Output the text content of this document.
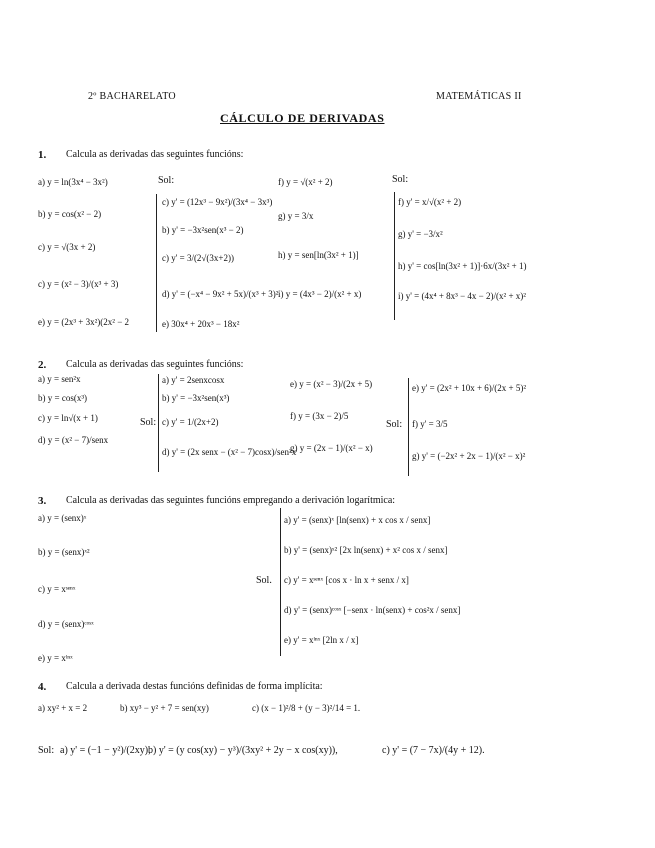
2º BACHARELATO	MATEMÁTICAS II
CÁLCULO DE DERIVADAS
1. Calcula as derivadas das seguintes funcións:
a) y = ln(3x⁴ − 3x²)
b) y = cos(x² − 2)
c) y = √(3x + 2)
c) y = (x² − 3)/(x³ + 3)
e) y = (2x³ + 3x²)(2x² − 2
Sol:
c) y' = (12x³ − 9x²)/(3x⁴ − 3x³)
b) y' = −3x²sen(x³ − 2)
c) y' = 3/(2√(3x+2))
d) y' = (−x⁴ − 9x² + 5x)/(x³ + 3)²
e) 30x⁴ + 20x³ − 18x²
f) y = √(x² + 2)
g) y = 3/x
h) y = sen[ln(3x² + 1)]
i) y = (4x³ − 2)/(x² + x)
Sol:
f) y' = x/√(x² + 2)
g) y' = −3/x²
h) y' = cos[ln(3x² + 1)]·6x/(3x² + 1)
i) y' = (4x⁴ + 8x³ − 4x − 2)/(x² + x)²
2. Calcula as derivadas das seguintes funcións:
a) y = sen²x
b) y = cos(x³)
c) y = ln√(x + 1)
d) y = (x² − 7)/senx
Sol:
a) y' = 2senxcosx
b) y' = −3x²sen(x³)
c) y' = 1/(2x+2)
d) y' = (2x senx − (x² − 7)cosx)/sen²x
e) y = (x² − 3)/(2x + 5)
f) y = (3x − 2)/5
g) y = (2x − 1)/(x² − x)
Sol:
e) y' = (2x² + 10x + 6)/(2x + 5)²
f) y' = 3/5
g) y' = (−2x² + 2x − 1)/(x² − x)²
3. Calcula as derivadas das seguintes funcións empregando a derivación logarítmica:
a) y = (senx)ˣ
b) y = (senx)ˣ²
c) y = xˢᵉⁿˣ
d) y = (senx)ᶜᵒˢˣ
e) y = xˡⁿˣ
Sol.
a) y' = (senx)ˣ [ln(senx) + x cos x / senx]
b) y' = (senx)ˣ² [2x ln(senx) + x² cos x / senx]
c) y' = xˢᵉⁿˣ [cos x · ln x + senx / x]
d) y' = (senx)ᶜᵒˢˣ [−senx · ln(senx) + cos²x / senx]
e) y' = xˡⁿˣ [2ln x / x]
4. Calcula a derivada destas funcións definidas de forma implícita:
a) xy² + x = 2	b) xy³ − y² + 7 = sen(xy)	c) (x − 1)²/8 + (y − 3)²/14 = 1.
Sol: a) y' = (−1 − y²)/(2xy),
b) y' = (y cos(xy) − y³)/(3xy² + 2y − x cos(xy)),	c) y' = (7 − 7x)/(4y + 12).
